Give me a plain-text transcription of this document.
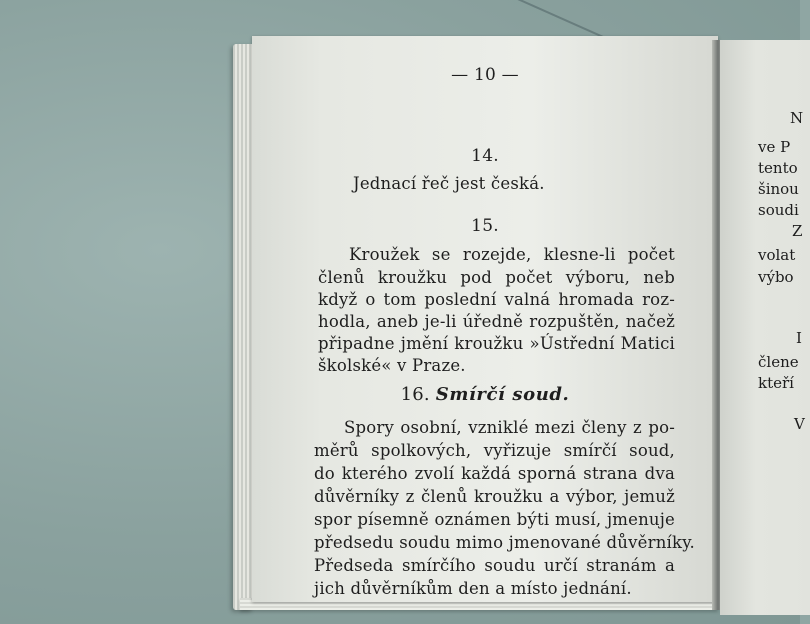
— 10 —
14.
Jednací řeč jest česká.
15.
Kroužek se rozejde, klesne-li počet
členů kroužku pod počet výboru, neb
když o tom poslední valná hromada roz-
hodla, aneb je-li úředně rozpuštěn, načež
připadne jmění kroužku »Ústřední Matici
školské« v Praze.
16. Smírčí soud.
Spory osobní, vzniklé mezi členy z po-
měrů spolkových, vyřizuje smírčí soud,
do kterého zvolí každá sporná strana dva
důvěrníky z členů kroužku a výbor, jemuž
spor písemně oznámen býti musí, jmenuje
předsedu soudu mimo jmenované důvěrníky.
Předseda smírčího soudu určí stranám a
jich důvěrníkům den a místo jednání.
N
ve P
tento
šinou
soudi
Z
volat
výbo
I
člene
kteří
V
